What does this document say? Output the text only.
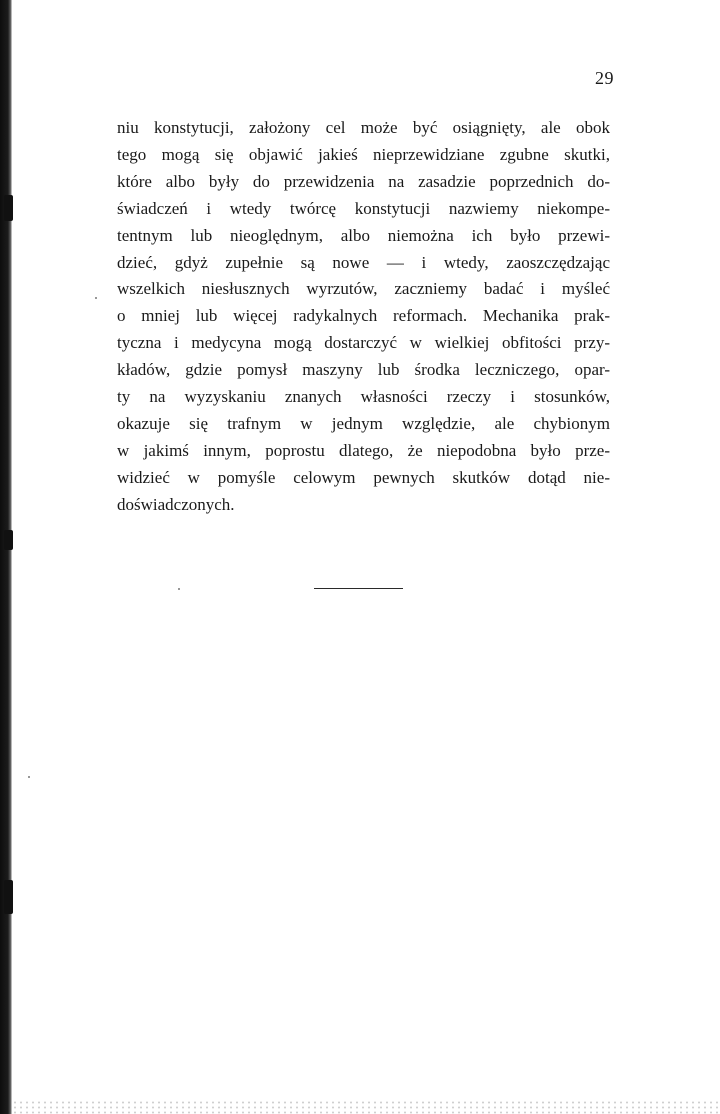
29
niu konstytucji, założony cel może być osiągnięty, ale obok
tego mogą się objawić jakieś nieprzewidziane zgubne skutki,
które albo były do przewidzenia na zasadzie poprzednich do-
świadczeń i wtedy twórcę konstytucji nazwiemy niekompe-
tentnym lub nieoględnym, albo niemożna ich było przewi-
dzieć, gdyż zupełnie są nowe — i wtedy, zaoszczędzając
wszelkich niesłusznych wyrzutów, zaczniemy badać i myśleć
o mniej lub więcej radykalnych reformach. Mechanika prak-
tyczna i medycyna mogą dostarczyć w wielkiej obfitości przy-
kładów, gdzie pomysł maszyny lub środka leczniczego, opar-
ty na wyzyskaniu znanych własności rzeczy i stosunków,
okazuje się trafnym w jednym względzie, ale chybionym
w jakimś innym, poprostu dlatego, że niepodobna było prze-
widzieć w pomyśle celowym pewnych skutków dotąd nie-
doświadczonych.
